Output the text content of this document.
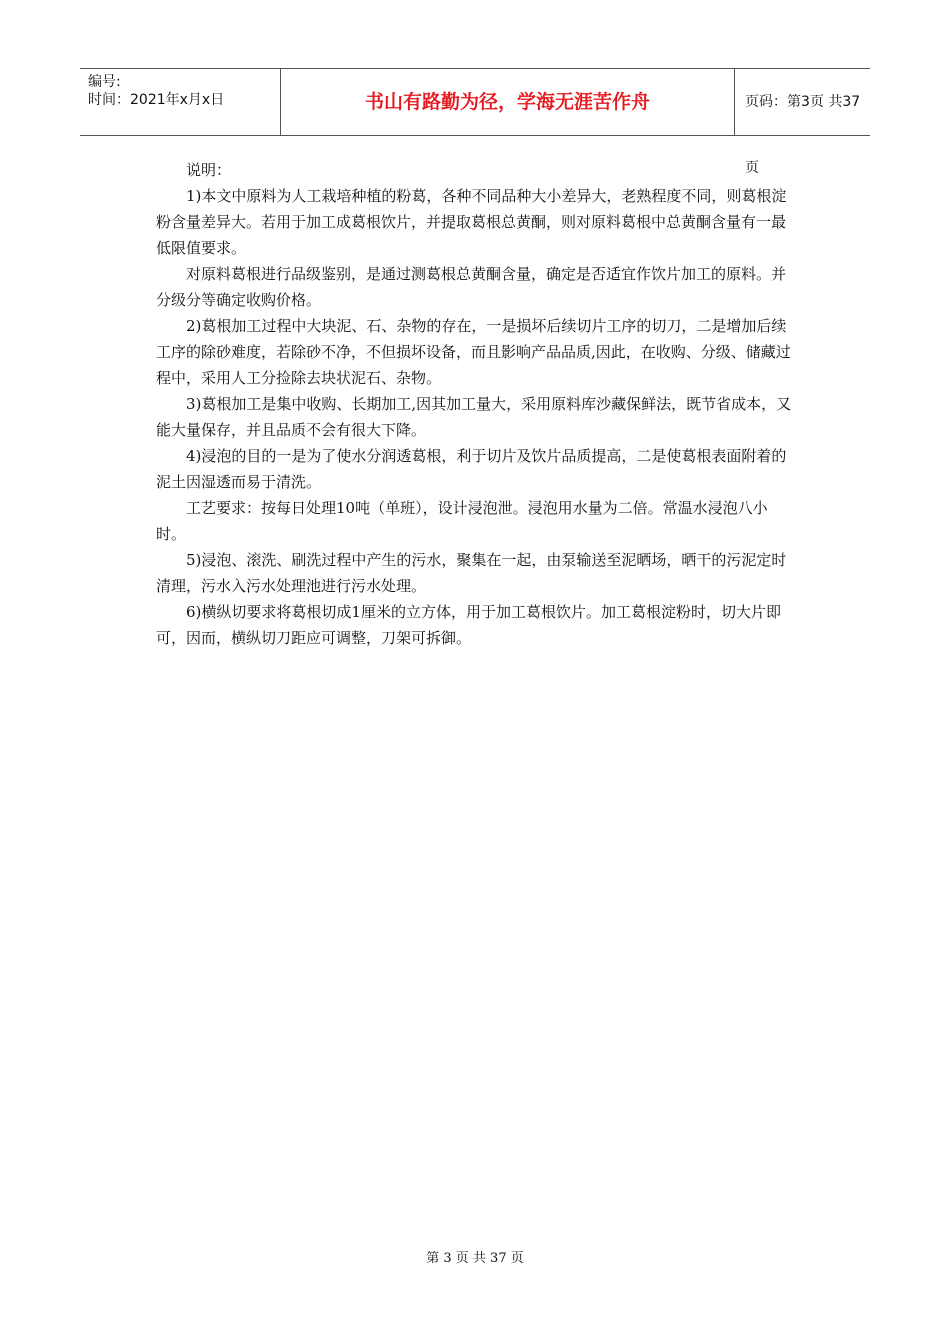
编号:
时间：2021年x月x日	书山有路勤为径，学海无涯苦作舟	页码：第3页 共37页

说明：

1)本文中原料为人工栽培种植的粉葛，各种不同品种大小差异大，老熟程度不同，则葛根淀粉含量差异大。若用于加工成葛根饮片，并提取葛根总黄酮，则对原料葛根中总黄酮含量有一最低限值要求。

对原料葛根进行品级鉴别，是通过测葛根总黄酮含量，确定是否适宜作饮片加工的原料。并分级分等确定收购价格。

2)葛根加工过程中大块泥、石、杂物的存在，一是损坏后续切片工序的切刀，二是增加后续工序的除砂难度，若除砂不净，不但损坏设备，而且影响产品品质,因此，在收购、分级、储藏过程中，采用人工分捡除去块状泥石、杂物。

3)葛根加工是集中收购、长期加工,因其加工量大，采用原料库沙藏保鲜法，既节省成本，又能大量保存，并且品质不会有很大下降。

4)浸泡的目的一是为了使水分润透葛根，利于切片及饮片品质提高，二是使葛根表面附着的泥土因湿透而易于清洗。

工艺要求：按每日处理10吨（单班），设计浸泡泄。浸泡用水量为二倍。常温水浸泡八小时。

5)浸泡、滚洗、刷洗过程中产生的污水，聚集在一起，由泵输送至泥晒场，晒干的污泥定时清理，污水入污水处理池进行污水处理。

6)横纵切要求将葛根切成1厘米的立方体，用于加工葛根饮片。加工葛根淀粉时，切大片即可，因而，横纵切刀距应可调整，刀架可拆御。

第 3 页 共 37 页
